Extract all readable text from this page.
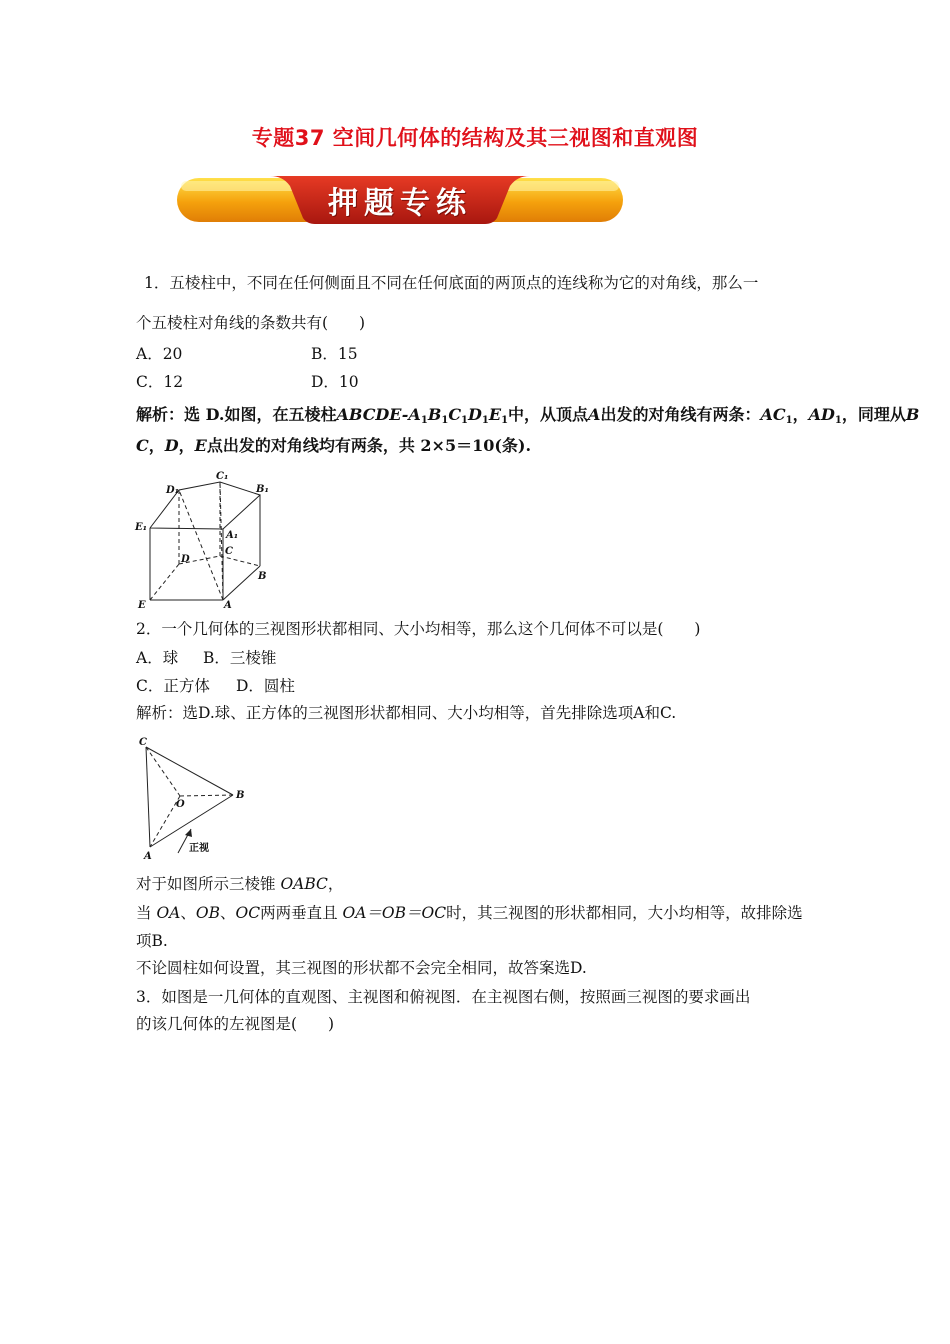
专题37 空间几何体的结构及其三视图和直观图
押题专练
1．五棱柱中，不同在任何侧面且不同在任何底面的两顶点的连线称为它的对角线，那么一
个五棱柱对角线的条数共有(　　)
A．20	B．15
C．12	D．10
解析：选 D.如图，在五棱柱ABCDE-$A_1B_1C_1D_1E_1$中，从顶点A出发的对角线有两条：$AC_1$，$AD_1$，同理从B
C，D，E点出发的对角线均有两条，共 2×5＝10(条).
D₁
C₁
B₁
E₁
A₁
D
C
B
E	A
2．一个几何体的三视图形状都相同、大小均相等，那么这个几何体不可以是(　　)
A．球 B．三棱锥
C．正方体 D．圆柱
解析：选D.球、正方体的三视图形状都相同、大小均相等，首先排除选项A和C.
C
B
O
A
正视
对于如图所示三棱锥 OABC，
当 OA、OB、OC两两垂直且 OA＝OB＝OC时，其三视图的形状都相同，大小均相等，故排除选
项B.
不论圆柱如何设置，其三视图的形状都不会完全相同，故答案选D.
3．如图是一几何体的直观图、主视图和俯视图．在主视图右侧，按照画三视图的要求画出
的该几何体的左视图是(　　)
